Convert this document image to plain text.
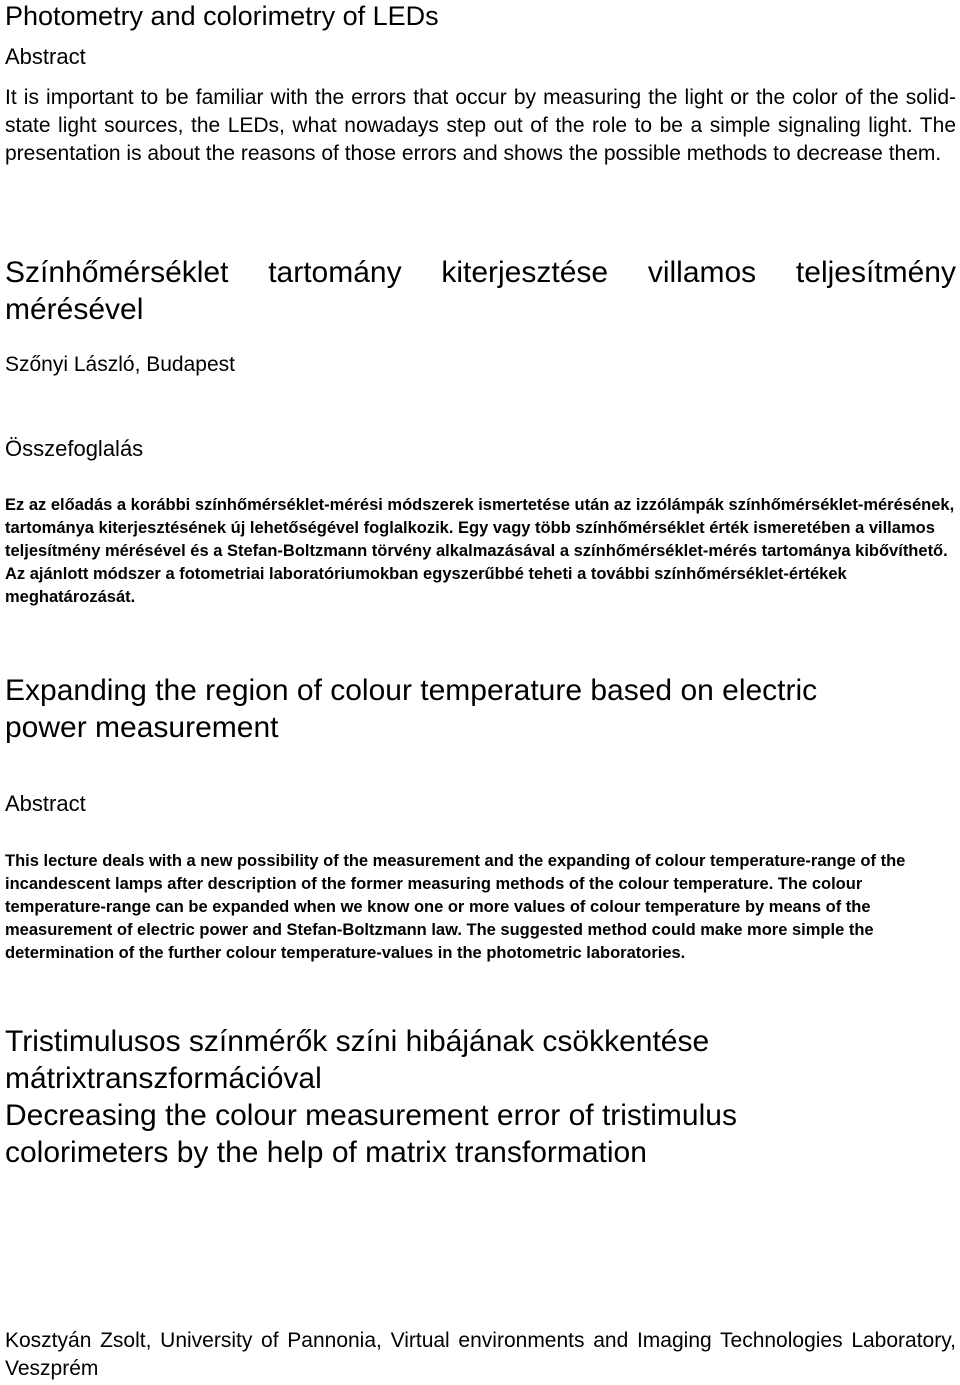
Photometry and colorimetry of LEDs
Abstract

It is important to be familiar with the errors that occur by measuring the light or the color of the solid-state light sources, the LEDs, what nowadays step out of the role to be a simple signaling light. The presentation is about the reasons of those errors and shows the possible methods to decrease them.

Színhőmérséklet tartomány kiterjesztése villamos teljesítmény mérésével
Szőnyi László, Budapest
Összefoglalás

Ez az előadás a korábbi színhőmérséklet-mérési módszerek ismertetése után az izzólámpák színhőmérséklet-mérésének, tartománya kiterjesztésének új lehetőségével foglalkozik. Egy vagy több színhőmérséklet érték ismeretében a villamos teljesítmény mérésével és a Stefan-Boltzmann törvény alkalmazásával a színhőmérséklet-mérés tartománya kibővíthető. Az ajánlott módszer a fotometriai laboratóriumokban egyszerűbbé teheti a további színhőmérséklet-értékek meghatározását.

Expanding the region of colour temperature based on electric power measurement
Abstract

This lecture deals with a new possibility of the measurement and the expanding of colour temperature-range of the incandescent lamps after description of the former measuring methods of the colour temperature. The colour temperature-range can be expanded when we know one or more values of colour temperature by means of the measurement of electric power and Stefan-Boltzmann law. The suggested method could make more simple the determination of the further colour temperature-values in the photometric laboratories.

Tristimulusos színmérők színi hibájának csökkentése mátrixtranszformációval
Decreasing the colour measurement error of tristimulus colorimeters by the help of matrix transformation

Kosztyán Zsolt, University of Pannonia, Virtual environments and Imaging Technologies Laboratory, Veszprém
